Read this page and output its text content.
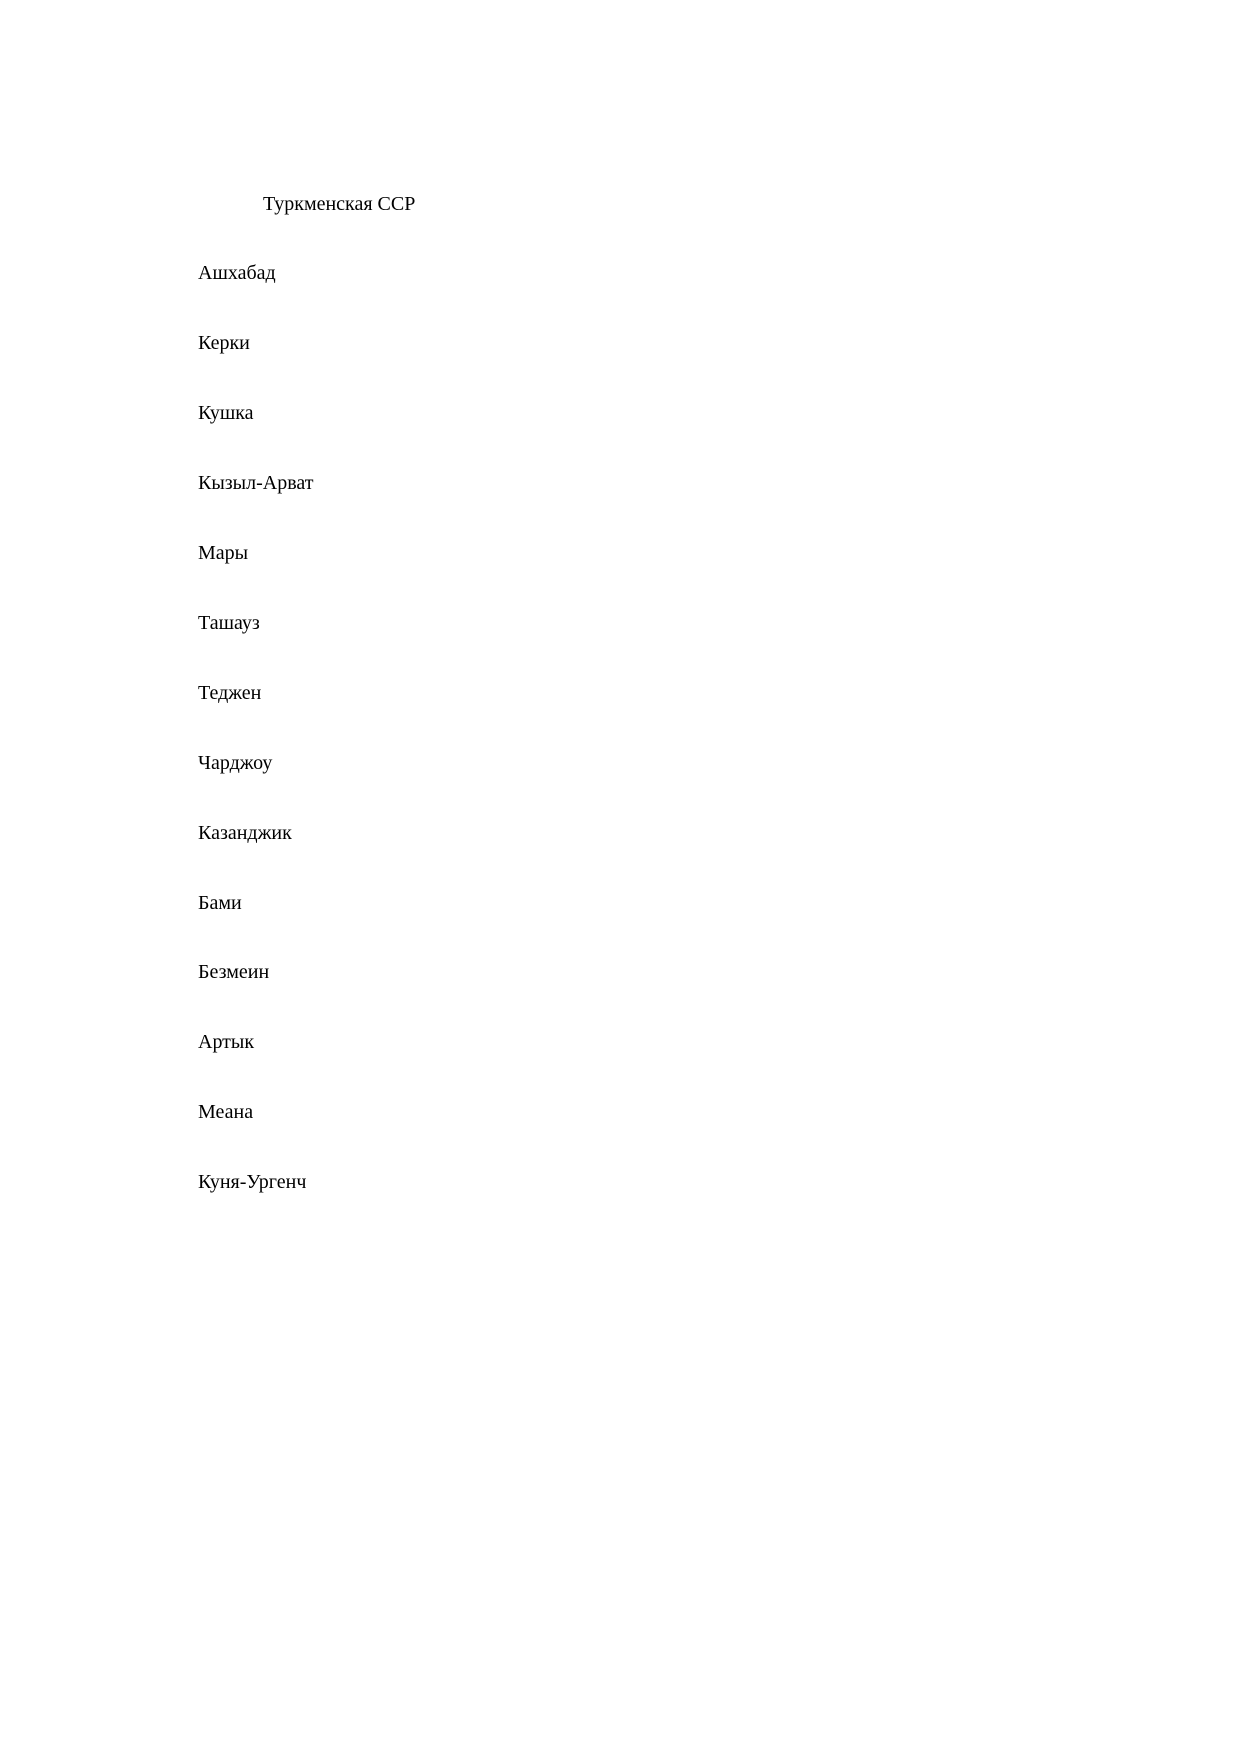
Туркменская ССР

Ашхабад

Керки

Кушка

Кызыл-Арват

Мары

Ташауз

Теджен

Чарджоу

Казанджик

Бами

Безмеин

Артык

Меана

Куня-Ургенч
